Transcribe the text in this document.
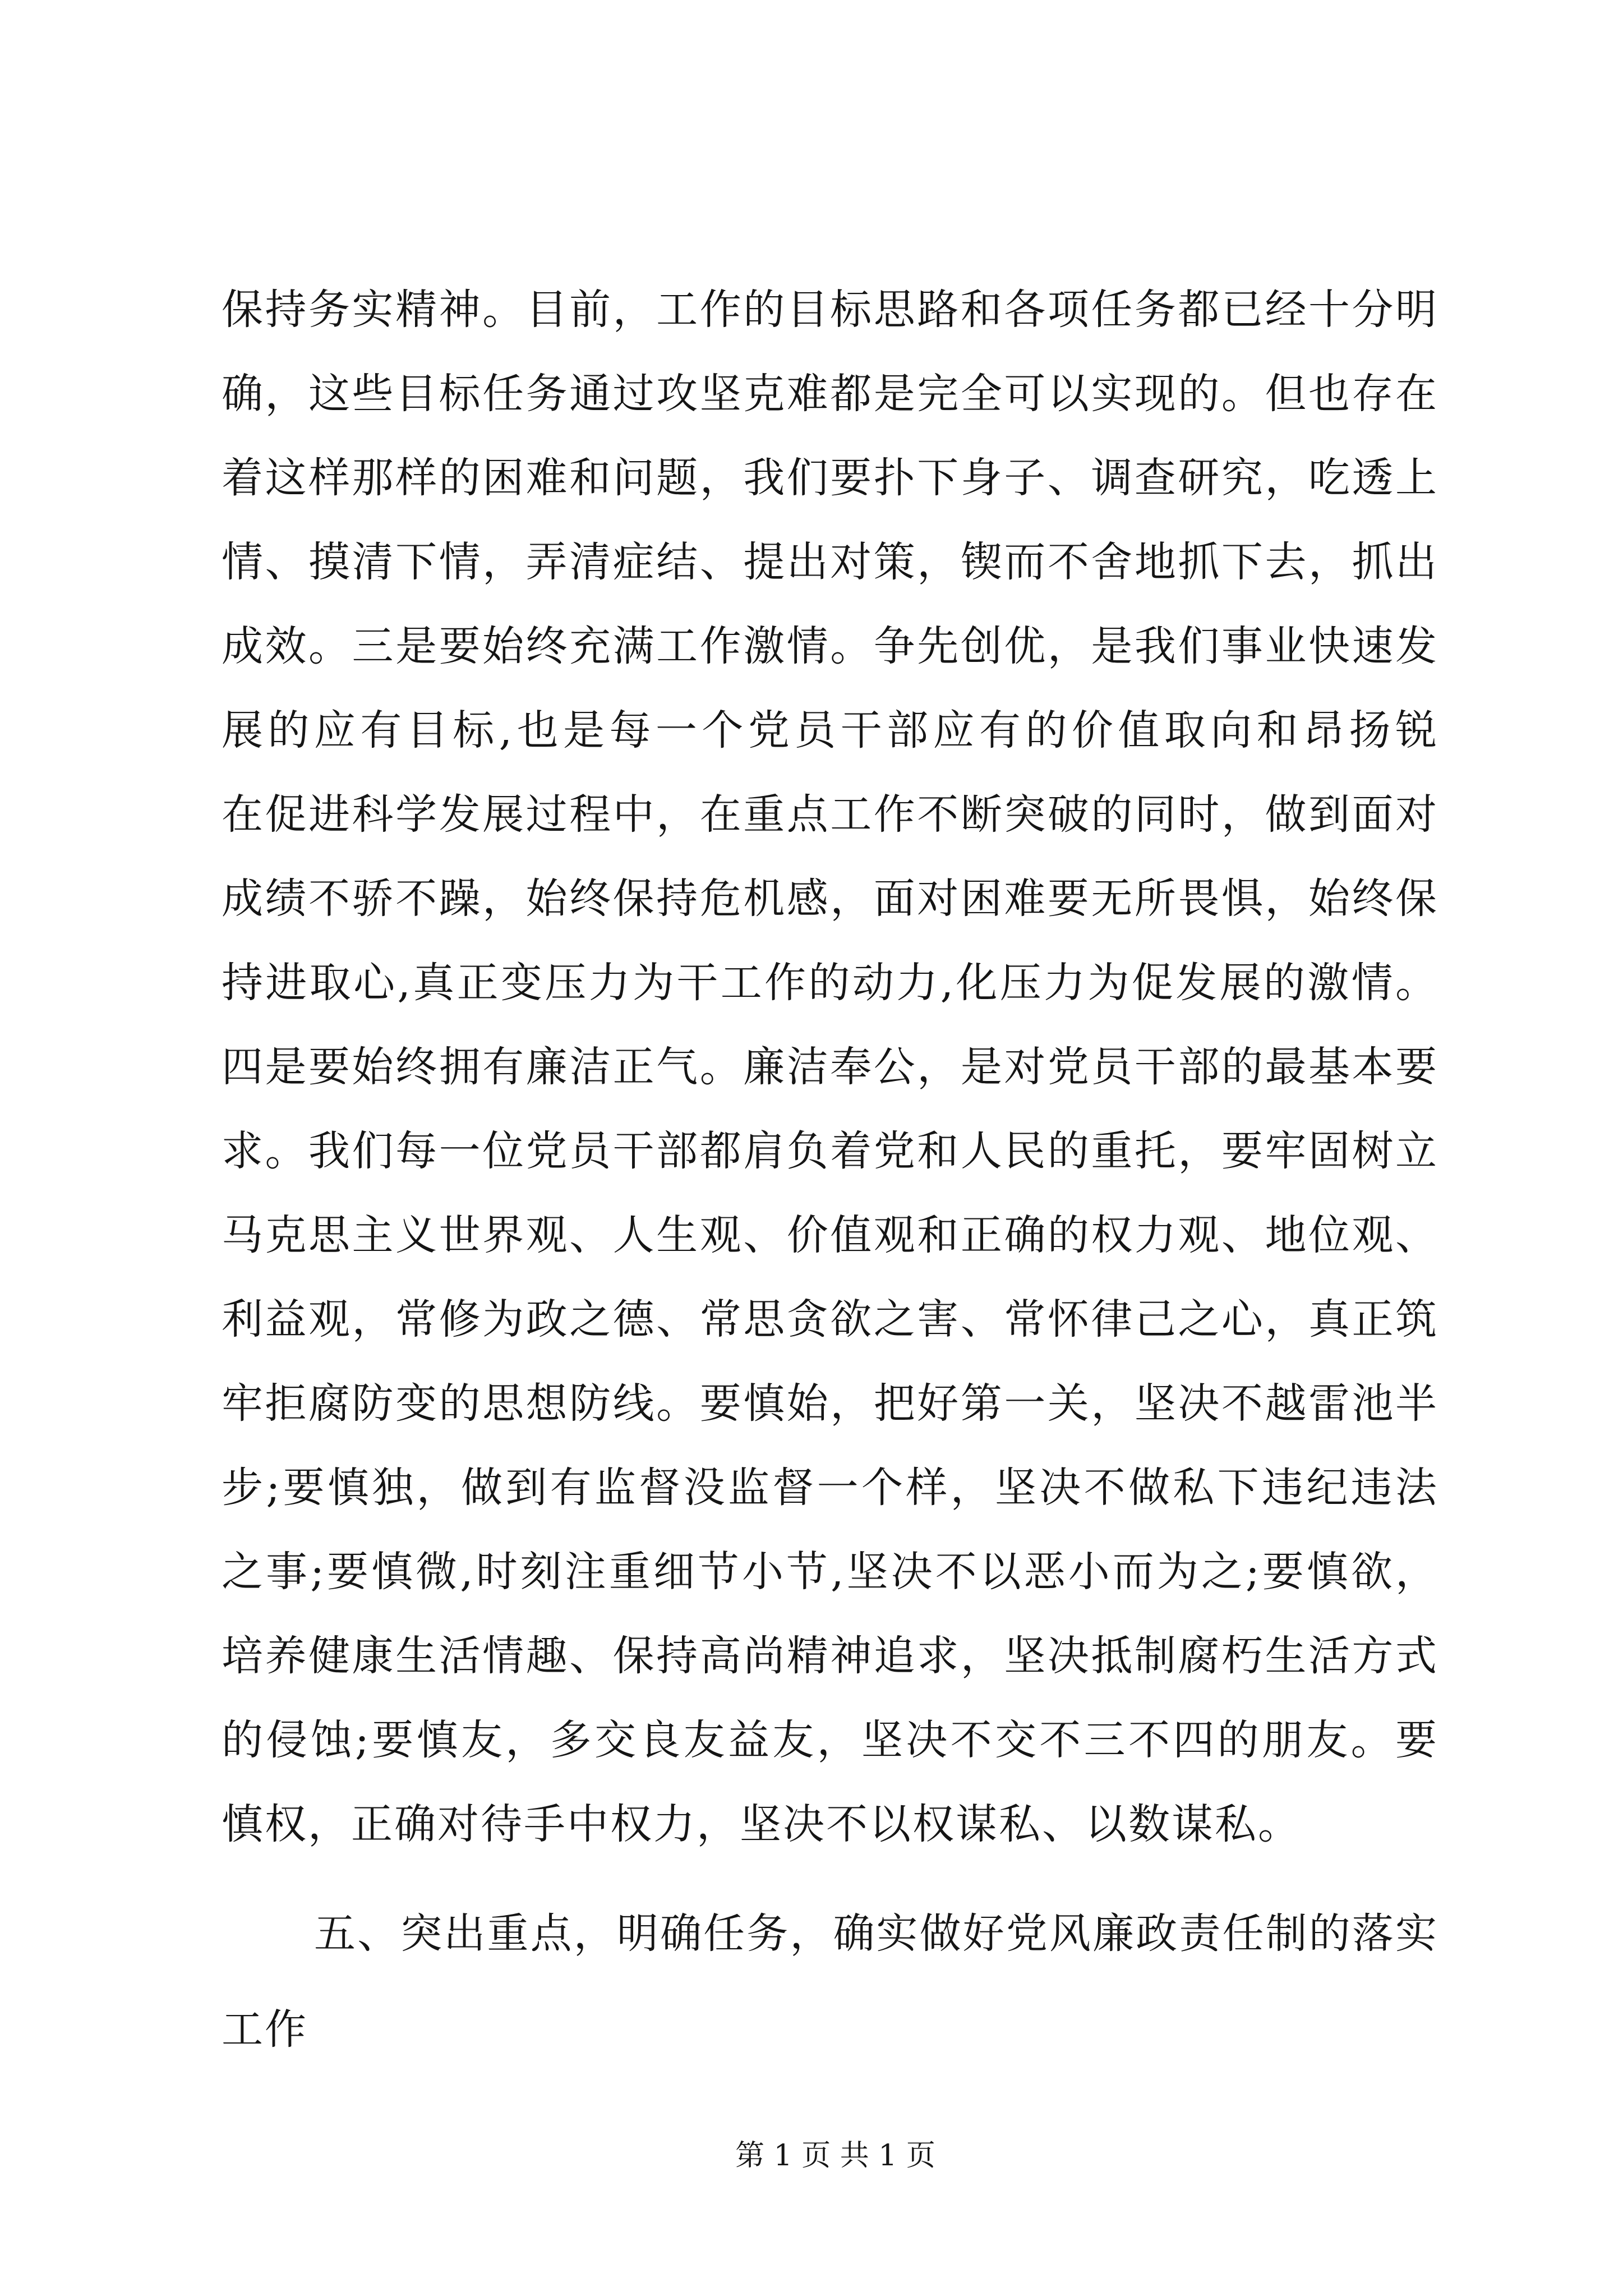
保持务实精神。目前，工作的目标思路和各项任务都已经十分明
确，这些目标任务通过攻坚克难都是完全可以实现的。但也存在
着这样那样的困难和问题，我们要扑下身子、调查研究，吃透上
情、摸清下情，弄清症结、提出对策，锲而不舍地抓下去，抓出
成效。三是要始终充满工作激情。争先创优，是我们事业快速发
展的应有目标,也是每一个党员干部应有的价值取向和昂扬锐
在促进科学发展过程中，在重点工作不断突破的同时，做到面对
成绩不骄不躁，始终保持危机感，面对困难要无所畏惧，始终保
持进取心,真正变压力为干工作的动力,化压力为促发展的激情。
四是要始终拥有廉洁正气。廉洁奉公，是对党员干部的最基本要
求。我们每一位党员干部都肩负着党和人民的重托，要牢固树立
马克思主义世界观、人生观、价值观和正确的权力观、地位观、
利益观，常修为政之德、常思贪欲之害、常怀律己之心，真正筑
牢拒腐防变的思想防线。要慎始，把好第一关，坚决不越雷池半
步;要慎独，做到有监督没监督一个样，坚决不做私下违纪违法
之事;要慎微,时刻注重细节小节,坚决不以恶小而为之;要慎欲，
培养健康生活情趣、保持高尚精神追求，坚决抵制腐朽生活方式
的侵蚀;要慎友，多交良友益友，坚决不交不三不四的朋友。要
慎权，正确对待手中权力，坚决不以权谋私、以数谋私。
五、突出重点，明确任务，确实做好党风廉政责任制的落实
工作
第 1 页 共 1 页
